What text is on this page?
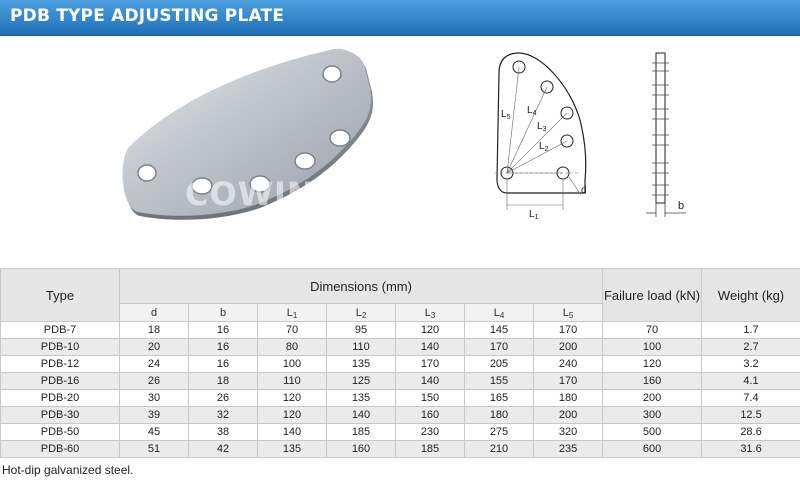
PDB TYPE ADJUSTING PLATE
COWINELEC
$L_5$
$L_4$
$L_3$
$L_2$
$L_1$
d
b
Type	Dimensions (mm)							Failure load (kN)	Weight (kg)
	d	b	L1	L2	L3	L4	L5		
PDB-7	18	16	70	95	120	145	170	70	1.7
PDB-10	20	16	80	110	140	170	200	100	2.7
PDB-12	24	16	100	135	170	205	240	120	3.2
PDB-16	26	18	110	125	140	155	170	160	4.1
PDB-20	30	26	120	135	150	165	180	200	7.4
PDB-30	39	32	120	140	160	180	200	300	12.5
PDB-50	45	38	140	185	230	275	320	500	28.6
PDB-60	51	42	135	160	185	210	235	600	31.6
Hot-dip galvanized steel.
